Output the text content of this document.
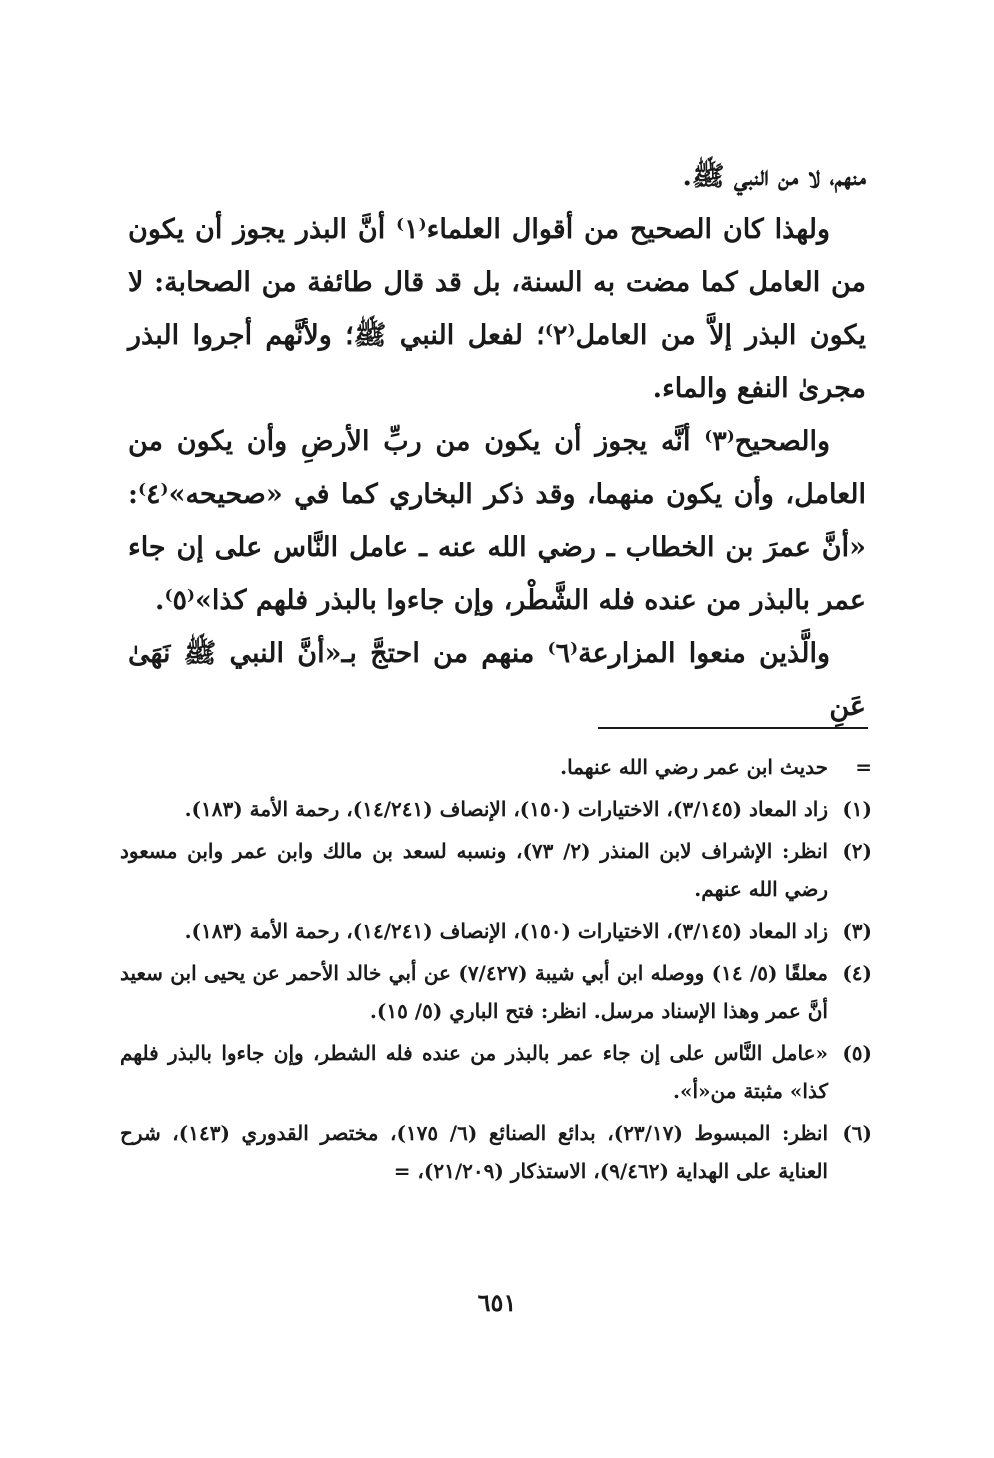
منهم، لا من النبي ﷺ.

ولهذا كان الصحيح من أقوال العلماء⁽١⁾ أنَّ البذر يجوز أن يكون من العامل كما مضت به السنة، بل قد قال طائفة من الصحابة: لا يكون البذر إلاَّ من العامل⁽٢⁾؛ لفعل النبي ﷺ؛ ولأنَّهم أجروا البذر مجرىٰ النفع والماء.

والصحيح⁽٣⁾ أنَّه يجوز أن يكون من ربِّ الأرضِ وأن يكون من العامل، وأن يكون منهما، وقد ذكر البخاري كما في «صحيحه»⁽٤⁾: «أنَّ عمرَ بن الخطاب ـ رضي الله عنه ـ عامل النَّاس على إن جاء عمر بالبذر من عنده فله الشَّطْر، وإن جاءوا بالبذر فلهم كذا»⁽٥⁾.

والَّذين منعوا المزارعة⁽٦⁾ منهم من احتجَّ بـ«أنَّ النبي ﷺ نَهَىٰ عَنِ

=
حديث ابن عمر رضي الله عنهما.
(١)
زاد المعاد (٣/١٤٥)، الاختيارات (١٥٠)، الإنصاف (١٤/٢٤١)، رحمة الأمة (١٨٣).
(٢)
انظر: الإشراف لابن المنذر (٢/ ٧٣)، ونسبه لسعد بن مالك وابن عمر وابن مسعود رضي الله عنهم.
(٣)
زاد المعاد (٣/١٤٥)، الاختيارات (١٥٠)، الإنصاف (١٤/٢٤١)، رحمة الأمة (١٨٣).
(٤)
معلقًا (٥/ ١٤) ووصله ابن أبي شيبة (٧/٤٢٧) عن أبي خالد الأحمر عن يحيى ابن سعيد أنَّ عمر وهذا الإسناد مرسل. انظر: فتح الباري (٥/ ١٥).
(٥)
«عامل النَّاس على إن جاء عمر بالبذر من عنده فله الشطر، وإن جاءوا بالبذر فلهم كذا» مثبتة من«أ».
(٦)
انظر: المبسوط (٢٣/١٧)، بدائع الصنائع (٦/ ١٧٥)، مختصر القدوري (١٤٣)، شرح العناية على الهداية (٩/٤٦٢)، الاستذكار (٢١/٢٠٩)، =
٦٥١
